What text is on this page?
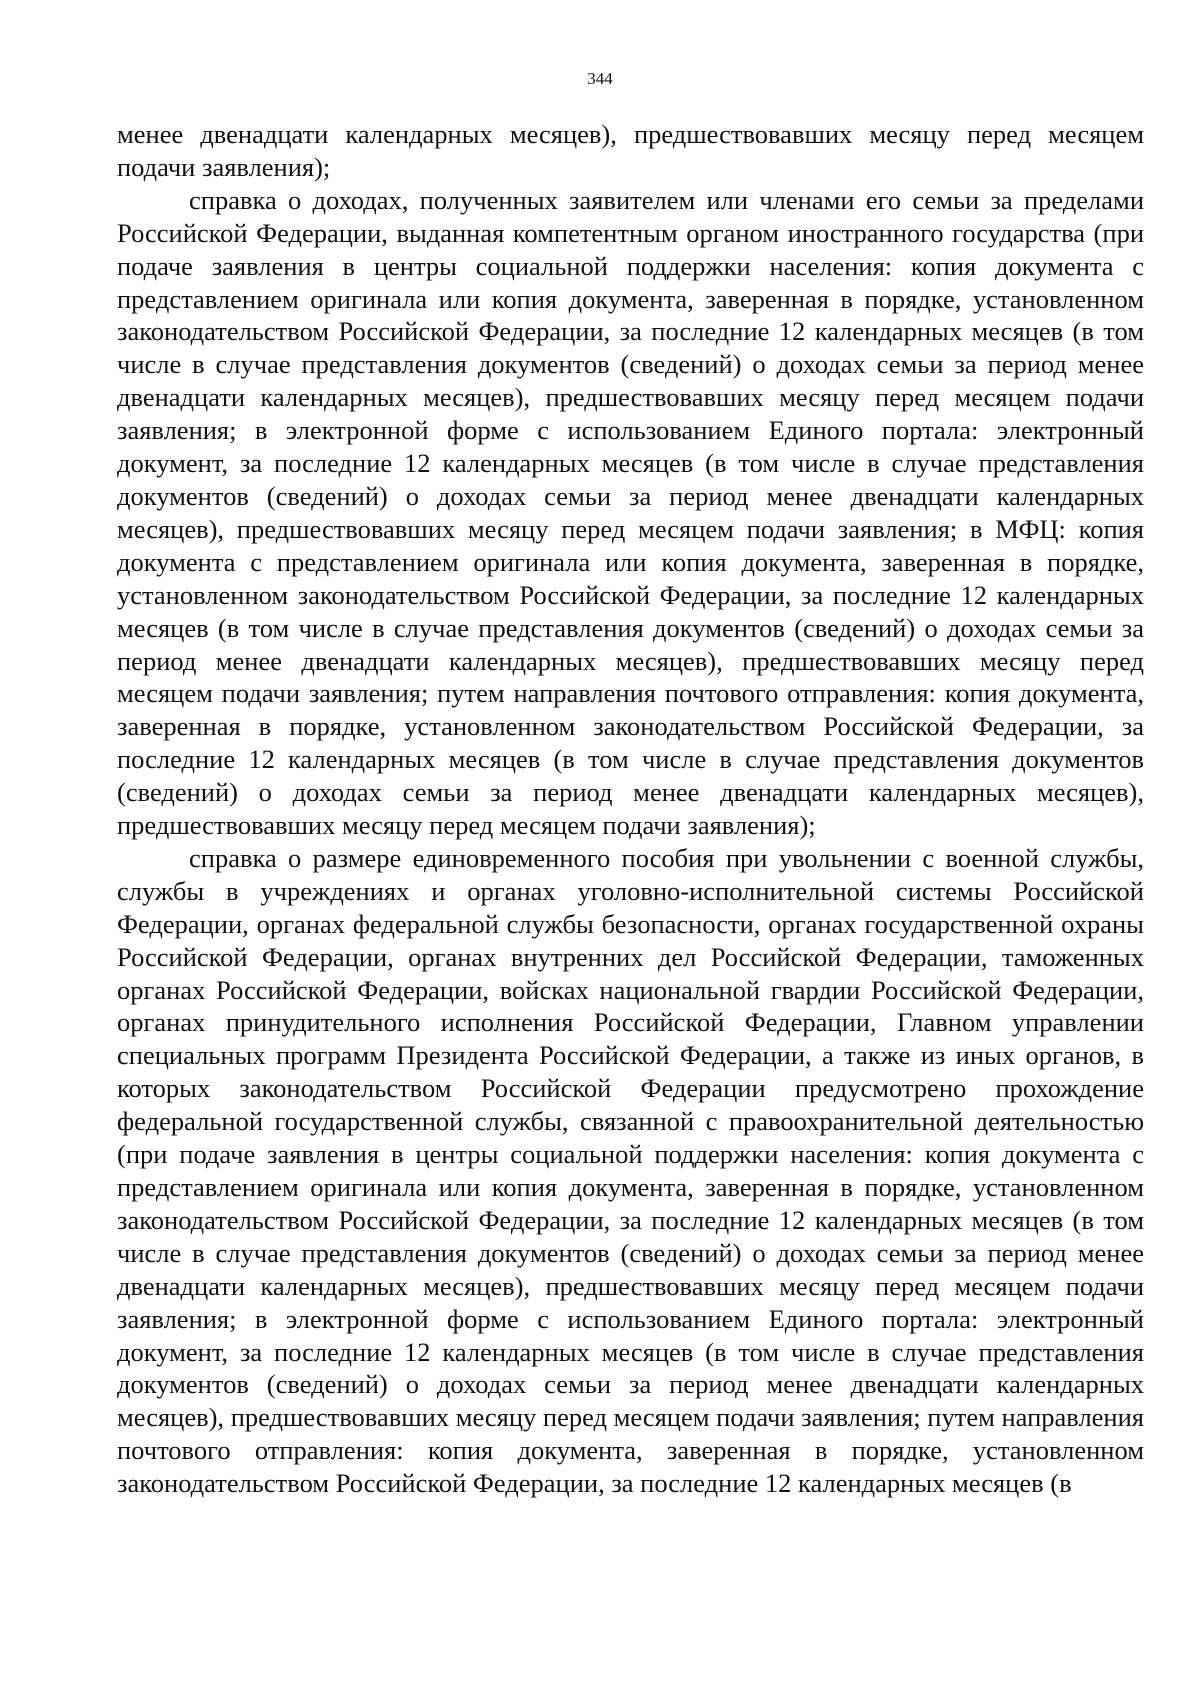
344

менее двенадцати календарных месяцев), предшествовавших месяцу перед месяцем подачи заявления);

справка о доходах, полученных заявителем или членами его семьи за пределами Российской Федерации, выданная компетентным органом иностранного государства (при подаче заявления в центры социальной поддержки населения: копия документа с представлением оригинала или копия документа, заверенная в порядке, установленном законодательством Российской Федерации, за последние 12 календарных месяцев (в том числе в случае представления документов (сведений) о доходах семьи за период менее двенадцати календарных месяцев), предшествовавших месяцу перед месяцем подачи заявления; в электронной форме с использованием Единого портала: электронный документ, за последние 12 календарных месяцев (в том числе в случае представления документов (сведений) о доходах семьи за период менее двенадцати календарных месяцев), предшествовавших месяцу перед месяцем подачи заявления; в МФЦ: копия документа с представлением оригинала или копия документа, заверенная в порядке, установленном законодательством Российской Федерации, за последние 12 календарных месяцев (в том числе в случае представления документов (сведений) о доходах семьи за период менее двенадцати календарных месяцев), предшествовавших месяцу перед месяцем подачи заявления; путем направления почтового отправления: копия документа, заверенная в порядке, установленном законодательством Российской Федерации, за последние 12 календарных месяцев (в том числе в случае представления документов (сведений) о доходах семьи за период менее двенадцати календарных месяцев), предшествовавших месяцу перед месяцем подачи заявления);

справка о размере единовременного пособия при увольнении с военной службы, службы в учреждениях и органах уголовно-исполнительной системы Российской Федерации, органах федеральной службы безопасности, органах государственной охраны Российской Федерации, органах внутренних дел Российской Федерации, таможенных органах Российской Федерации, войсках национальной гвардии Российской Федерации, органах принудительного исполнения Российской Федерации, Главном управлении специальных программ Президента Российской Федерации, а также из иных органов, в которых законодательством Российской Федерации предусмотрено прохождение федеральной государственной службы, связанной с правоохранительной деятельностью (при подаче заявления в центры социальной поддержки населения: копия документа с представлением оригинала или копия документа, заверенная в порядке, установленном законодательством Российской Федерации, за последние 12 календарных месяцев (в том числе в случае представления документов (сведений) о доходах семьи за период менее двенадцати календарных месяцев), предшествовавших месяцу перед месяцем подачи заявления; в электронной форме с использованием Единого портала: электронный документ, за последние 12 календарных месяцев (в том числе в случае представления документов (сведений) о доходах семьи за период менее двенадцати календарных месяцев), предшествовавших месяцу перед месяцем подачи заявления; путем направления почтового отправления: копия документа, заверенная в порядке, установленном законодательством Российской Федерации, за последние 12 календарных месяцев (в
